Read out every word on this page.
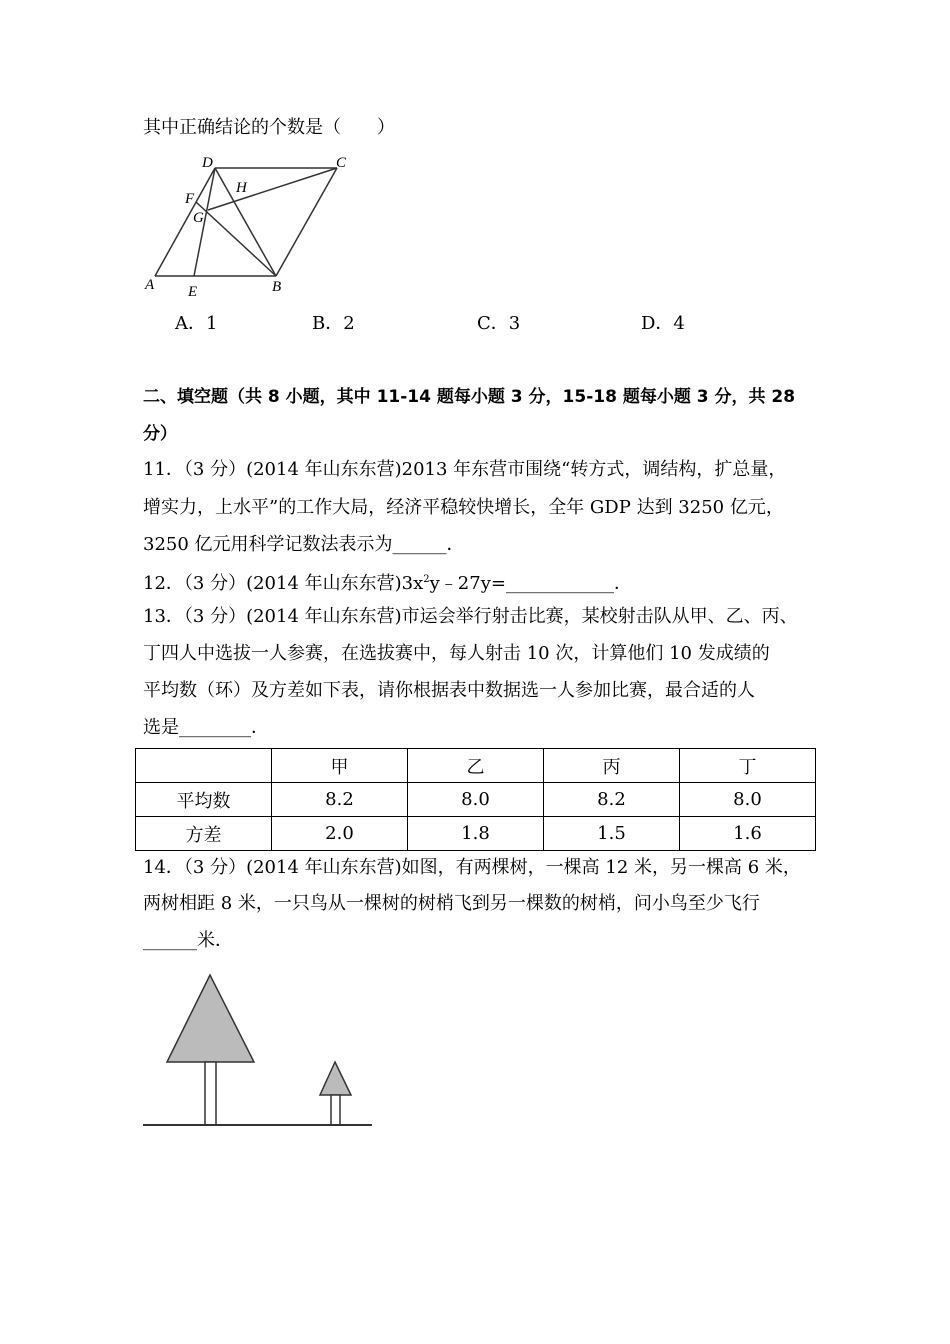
其中正确结论的个数是（　　）
D	C
H
F
G
A E	B
A．1	B．2	C．3	D．4
二、填空题（共 8 小题，其中 11-14 题每小题 3 分，15-18 题每小题 3 分，共 28
分）
11．（3 分）(2014 年山东东营)2013 年东营市围绕“转方式，调结构，扩总量，
增实力，上水平”的工作大局，经济平稳较快增长，全年 GDP 达到 3250 亿元，
3250 亿元用科学记数法表示为______．
12．（3 分）(2014 年山东东营)$3x^2y﹣27y=\_\_\_\_\_\_\_\_\_\_\_\_$．
13．（3 分）(2014 年山东东营)市运会举行射击比赛，某校射击队从甲、乙、丙、
丁四人中选拔一人参赛，在选拔赛中，每人射击 10 次，计算他们 10 发成绩的
平均数（环）及方差如下表，请你根据表中数据选一人参加比赛，最合适的人
选是________．
	甲	乙	丙	丁
平均数	8.2	8.0	8.2	8.0
方差	2.0	1.8	1.5	1.6
14．（3 分）(2014 年山东东营)如图，有两棵树，一棵高 12 米，另一棵高 6 米，
两树相距 8 米，一只鸟从一棵树的树梢飞到另一棵数的树梢，问小鸟至少飞行
______米．
